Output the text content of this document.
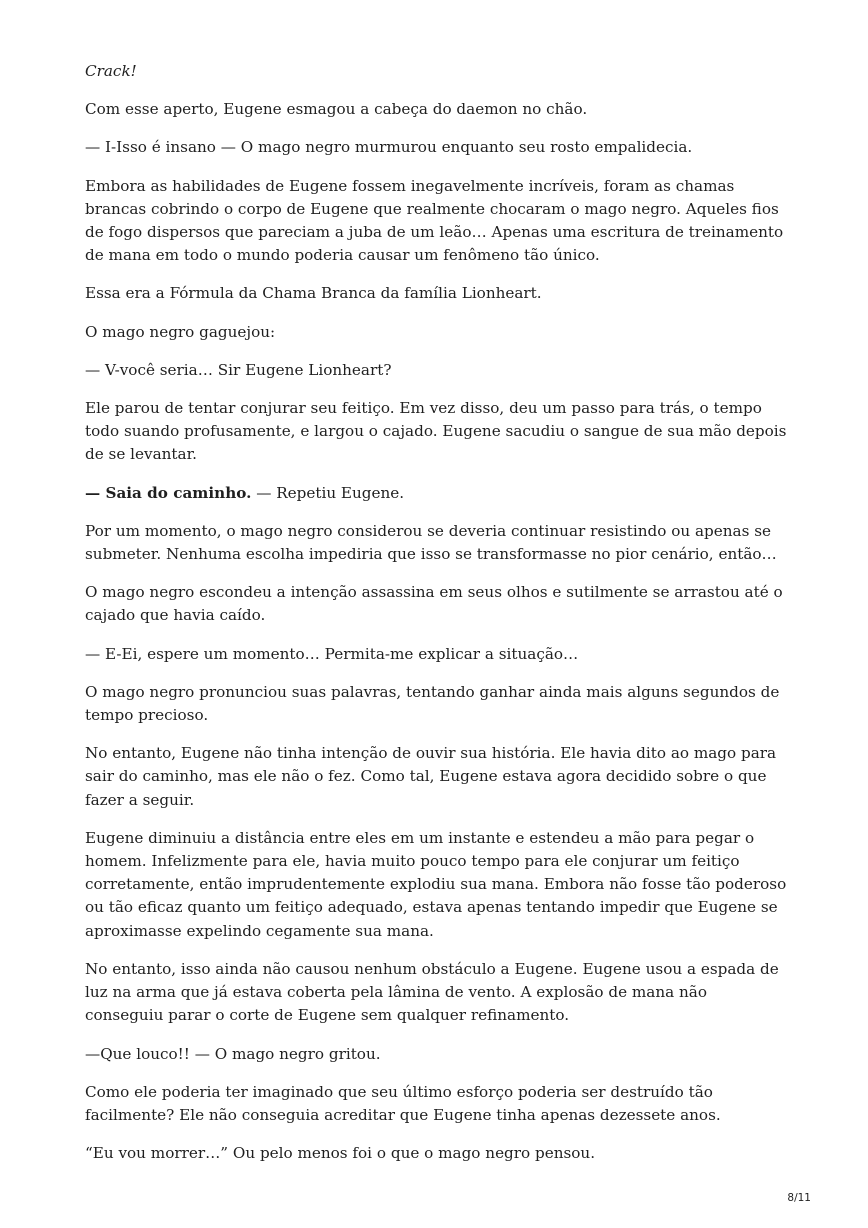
Crack!

Com esse aperto, Eugene esmagou a cabeça do daemon no chão.

— I-Isso é insano — O mago negro murmurou enquanto seu rosto empalidecia.

Embora as habilidades de Eugene fossem inegavelmente incríveis, foram as chamas brancas cobrindo o corpo de Eugene que realmente chocaram o mago negro. Aqueles fios de fogo dispersos que pareciam a juba de um leão… Apenas uma escritura de treinamento de mana em todo o mundo poderia causar um fenômeno tão único.

Essa era a Fórmula da Chama Branca da família Lionheart.

O mago negro gaguejou:

— V-você seria… Sir Eugene Lionheart?

Ele parou de tentar conjurar seu feitiço. Em vez disso, deu um passo para trás, o tempo todo suando profusamente, e largou o cajado. Eugene sacudiu o sangue de sua mão depois de se levantar.

— Saia do caminho. — Repetiu Eugene.

Por um momento, o mago negro considerou se deveria continuar resistindo ou apenas se submeter. Nenhuma escolha impediria que isso se transformasse no pior cenário, então…

O mago negro escondeu a intenção assassina em seus olhos e sutilmente se arrastou até o cajado que havia caído.

— E-Ei, espere um momento… Permita-me explicar a situação…

O mago negro pronunciou suas palavras, tentando ganhar ainda mais alguns segundos de tempo precioso.

No entanto, Eugene não tinha intenção de ouvir sua história. Ele havia dito ao mago para sair do caminho, mas ele não o fez. Como tal, Eugene estava agora decidido sobre o que fazer a seguir.

Eugene diminuiu a distância entre eles em um instante e estendeu a mão para pegar o homem. Infelizmente para ele, havia muito pouco tempo para ele conjurar um feitiço corretamente, então imprudentemente explodiu sua mana. Embora não fosse tão poderoso ou tão eficaz quanto um feitiço adequado, estava apenas tentando impedir que Eugene se aproximasse expelindo cegamente sua mana.

No entanto, isso ainda não causou nenhum obstáculo a Eugene. Eugene usou a espada de luz na arma que já estava coberta pela lâmina de vento. A explosão de mana não conseguiu parar o corte de Eugene sem qualquer refinamento.

—Que louco!! — O mago negro gritou.

Como ele poderia ter imaginado que seu último esforço poderia ser destruído tão facilmente? Ele não conseguia acreditar que Eugene tinha apenas dezessete anos.

“Eu vou morrer…” Ou pelo menos foi o que o mago negro pensou.

8/11
